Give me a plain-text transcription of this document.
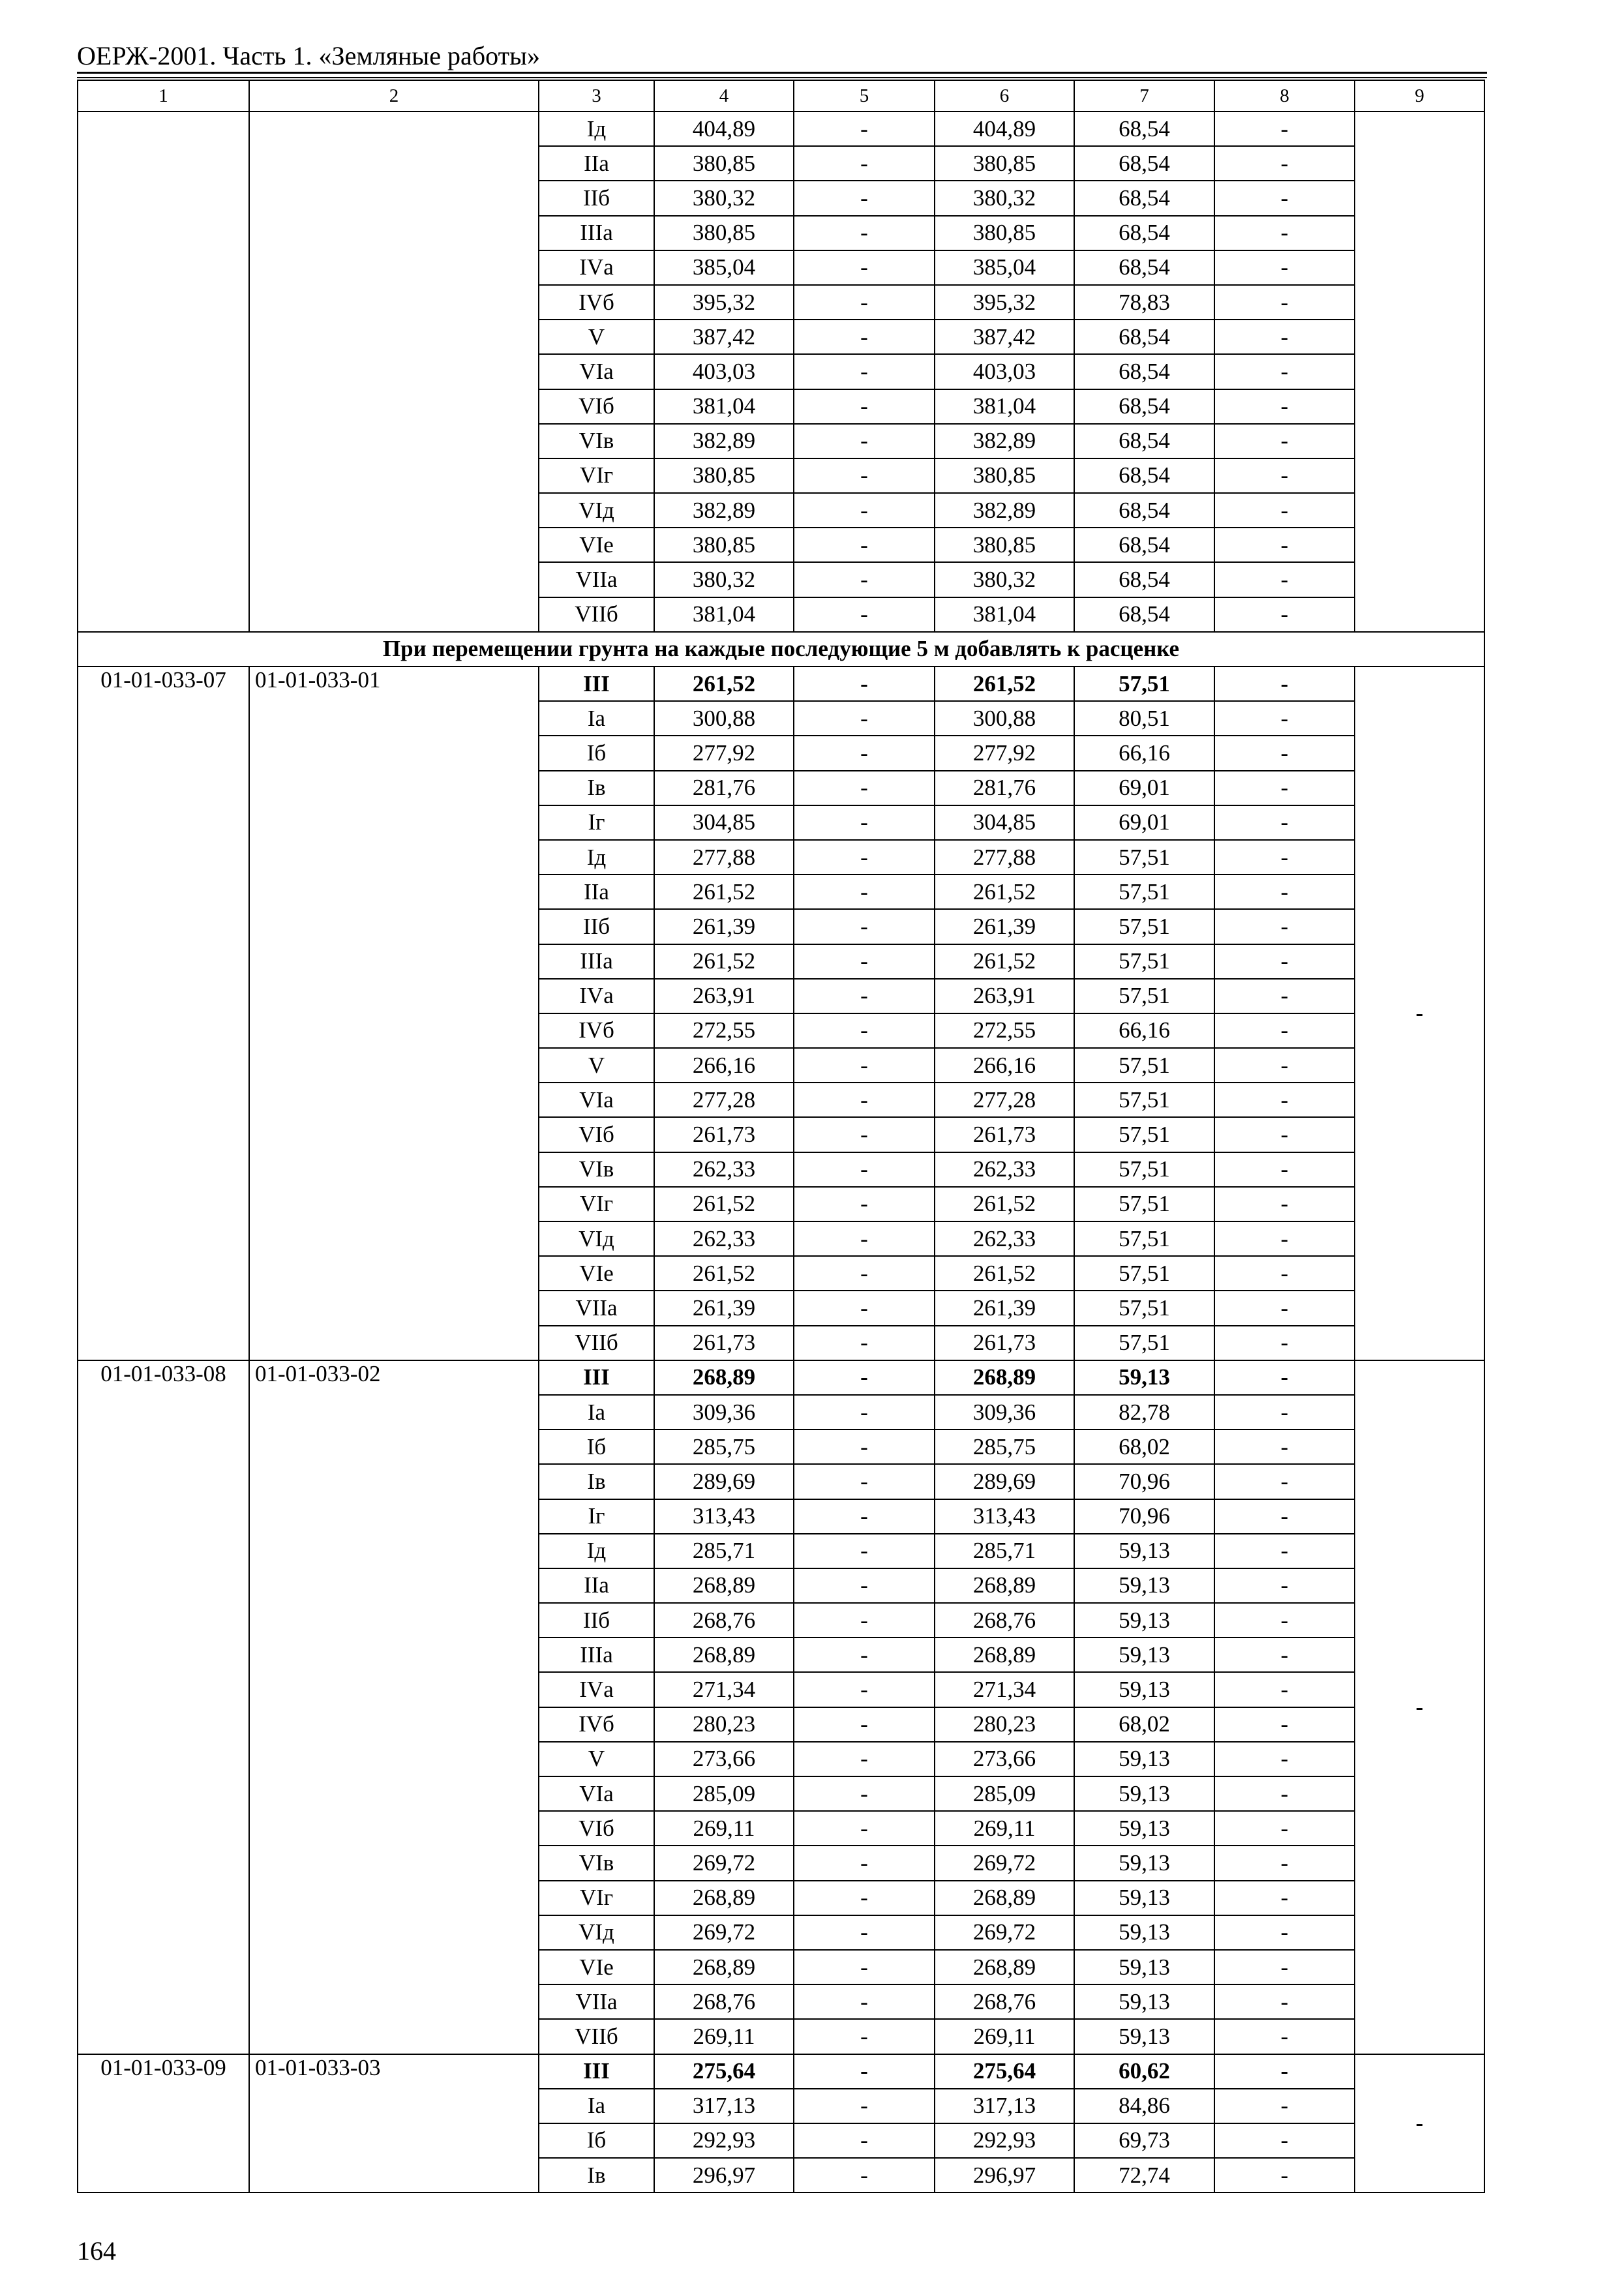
ОЕРЖ-2001. Часть 1. «Земляные работы»
1	2	3	4	5	6	7	8	9
		Iд	404,89	-	404,89	68,54	-	
		IIа	380,85	-	380,85	68,54	-	
		IIб	380,32	-	380,32	68,54	-	
		IIIа	380,85	-	380,85	68,54	-	
		IVа	385,04	-	385,04	68,54	-	
		IVб	395,32	-	395,32	78,83	-	
		V	387,42	-	387,42	68,54	-	
		VIа	403,03	-	403,03	68,54	-	
		VIб	381,04	-	381,04	68,54	-	
		VIв	382,89	-	382,89	68,54	-	
		VIг	380,85	-	380,85	68,54	-	
		VIд	382,89	-	382,89	68,54	-	
		VIе	380,85	-	380,85	68,54	-	
		VIIа	380,32	-	380,32	68,54	-	
		VIIб	381,04	-	381,04	68,54	-	
При перемещении грунта на каждые последующие 5 м добавлять к расценке								
01-01-033-07	01-01-033-01	III	261,52	-	261,52	57,51	-	-
		Iа	300,88	-	300,88	80,51	-	
		Iб	277,92	-	277,92	66,16	-	
		Iв	281,76	-	281,76	69,01	-	
		Iг	304,85	-	304,85	69,01	-	
		Iд	277,88	-	277,88	57,51	-	
		IIа	261,52	-	261,52	57,51	-	
		IIб	261,39	-	261,39	57,51	-	
		IIIа	261,52	-	261,52	57,51	-	
		IVа	263,91	-	263,91	57,51	-	
		IVб	272,55	-	272,55	66,16	-	
		V	266,16	-	266,16	57,51	-	
		VIа	277,28	-	277,28	57,51	-	
		VIб	261,73	-	261,73	57,51	-	
		VIв	262,33	-	262,33	57,51	-	
		VIг	261,52	-	261,52	57,51	-	
		VIд	262,33	-	262,33	57,51	-	
		VIе	261,52	-	261,52	57,51	-	
		VIIа	261,39	-	261,39	57,51	-	
		VIIб	261,73	-	261,73	57,51	-	
01-01-033-08	01-01-033-02	III	268,89	-	268,89	59,13	-	-
		Iа	309,36	-	309,36	82,78	-	
		Iб	285,75	-	285,75	68,02	-	
		Iв	289,69	-	289,69	70,96	-	
		Iг	313,43	-	313,43	70,96	-	
		Iд	285,71	-	285,71	59,13	-	
		IIа	268,89	-	268,89	59,13	-	
		IIб	268,76	-	268,76	59,13	-	
		IIIа	268,89	-	268,89	59,13	-	
		IVа	271,34	-	271,34	59,13	-	
		IVб	280,23	-	280,23	68,02	-	
		V	273,66	-	273,66	59,13	-	
		VIа	285,09	-	285,09	59,13	-	
		VIб	269,11	-	269,11	59,13	-	
		VIв	269,72	-	269,72	59,13	-	
		VIг	268,89	-	268,89	59,13	-	
		VIд	269,72	-	269,72	59,13	-	
		VIе	268,89	-	268,89	59,13	-	
		VIIа	268,76	-	268,76	59,13	-	
		VIIб	269,11	-	269,11	59,13	-	
01-01-033-09	01-01-033-03	III	275,64	-	275,64	60,62	-	-
		Iа	317,13	-	317,13	84,86	-	
		Iб	292,93	-	292,93	69,73	-	
		Iв	296,97	-	296,97	72,74	-	
164
